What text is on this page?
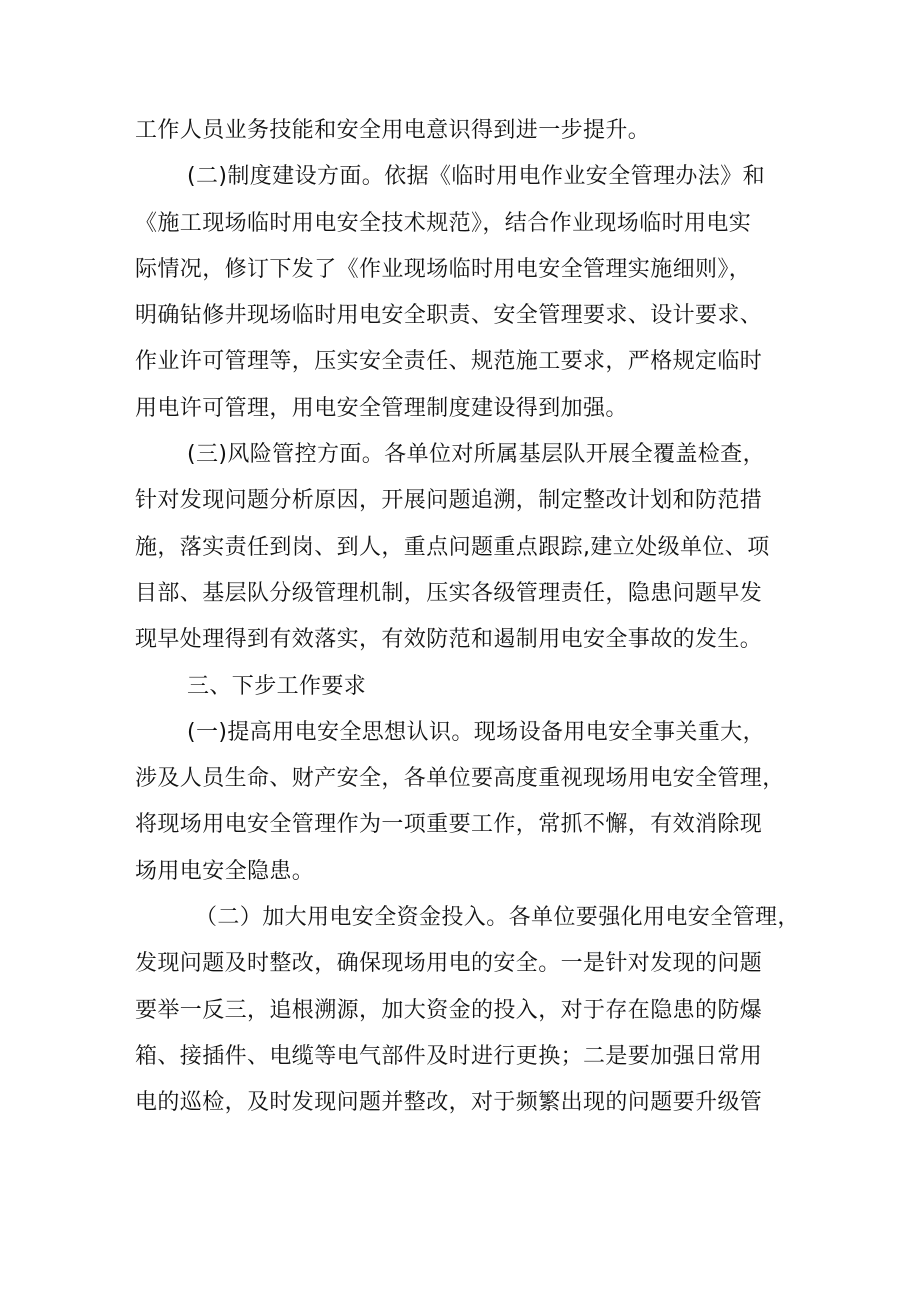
工作人员业务技能和安全用电意识得到进一步提升。
(二)制度建设方面。依据《临时用电作业安全管理办法》和
《施工现场临时用电安全技术规范》，结合作业现场临时用电实
际情况，修订下发了《作业现场临时用电安全管理实施细则》，
明确钻修井现场临时用电安全职责、安全管理要求、设计要求、
作业许可管理等，压实安全责任、规范施工要求，严格规定临时
用电许可管理，用电安全管理制度建设得到加强。
(三)风险管控方面。各单位对所属基层队开展全覆盖检查，
针对发现问题分析原因，开展问题追溯，制定整改计划和防范措
施，落实责任到岗、到人，重点问题重点跟踪,建立处级单位、项
目部、基层队分级管理机制，压实各级管理责任，隐患问题早发
现早处理得到有效落实，有效防范和遏制用电安全事故的发生。
三、下步工作要求
(一)提高用电安全思想认识。现场设备用电安全事关重大，
涉及人员生命、财产安全，各单位要高度重视现场用电安全管理，
将现场用电安全管理作为一项重要工作，常抓不懈，有效消除现
场用电安全隐患。
（二）加大用电安全资金投入。各单位要强化用电安全管理，
发现问题及时整改，确保现场用电的安全。一是针对发现的问题
要举一反三，追根溯源，加大资金的投入，对于存在隐患的防爆
箱、接插件、电缆等电气部件及时进行更换；二是要加强日常用
电的巡检，及时发现问题并整改，对于频繁出现的问题要升级管
